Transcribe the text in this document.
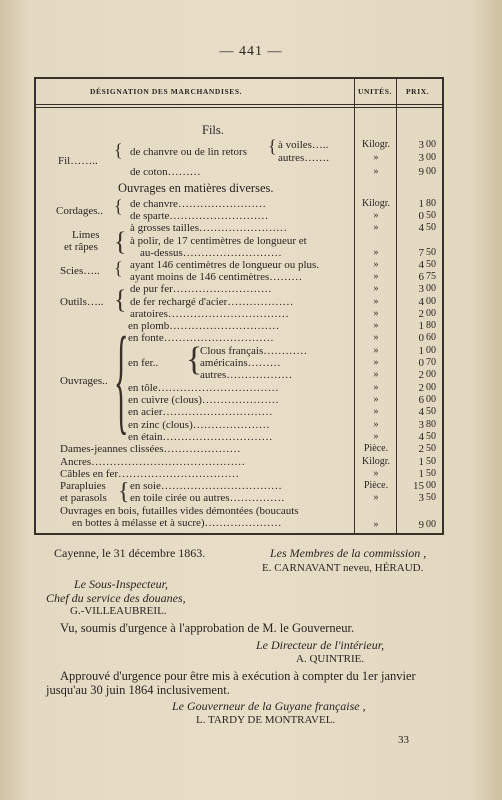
— 441 —
DÉSIGNATION DES MARCHANDISES.	UNITÉS. PRIX.
Fils.
Fil……..
{ de chanvre ou de lin retors { à voiles…..	Kilogr.	3 00
autres…….	»	3 00
de coton………	»	9 00
Ouvrages en matières diverses.
Cordages.. { de chanvre……………………	Kilogr.	1 80
de sparte………………………	»	0 50
Limes
et râpes { à grosses tailles……………………	»	4 50
à polir, de 17 centimètres de longueur et
au-dessus………………………	»	7 50
Scies….. { ayant 146 centimètres de longueur ou plus.	»	4 50
ayant moins de 146 centimètres………	»	6 75
Outils….. { de pur fer………………………	»	3 00
de fer rechargé d'acier………………	»	4 00
aratoires……………………………	»	2 00
Ouvrages.. { en plomb…………………………	»	1 80
en fonte…………………………	»	0 60
en fer.. {
Clous français…………	»	1 00
américains………	»	0 70
autres………………	»	2 00
en tôle……………………………	»	2 00
en cuivre (clous)…………………	»	6 00
en acier…………………………	»	4 50
en zinc (clous)…………………	»	3 80
en étain…………………………	»	4 50
Dames-jeannes clissées…………………	Pièce.	2 50
Ancres……………………………………	Kilogr.	1 50
Câbles en fer……………………………	»	1 50
Parapluies
et parasols { en soie……………………………	Pièce.	15 00
en toile cirée ou autres……………	»	3 50
Ouvrages en bois, futailles vides démontées (boucauts
en bottes à mélasse et à sucre)…………………	»	9 00
Cayenne, le 31 décembre 1863.	Les Membres de la commission ,
E. CARNAVANT neveu, HÉRAUD.
Le Sous-Inspecteur,
Chef du service des douanes,
G.-VILLEAUBREIL.
Vu, soumis d'urgence à l'approbation de M. le Gouverneur.
Le Directeur de l'intérieur,
A. QUINTRIE.
Approuvé d'urgence pour être mis à exécution à compter du 1er janvier
jusqu'au 30 juin 1864 inclusivement.
Le Gouverneur de la Guyane française ,
L. TARDY DE MONTRAVEL.
33
